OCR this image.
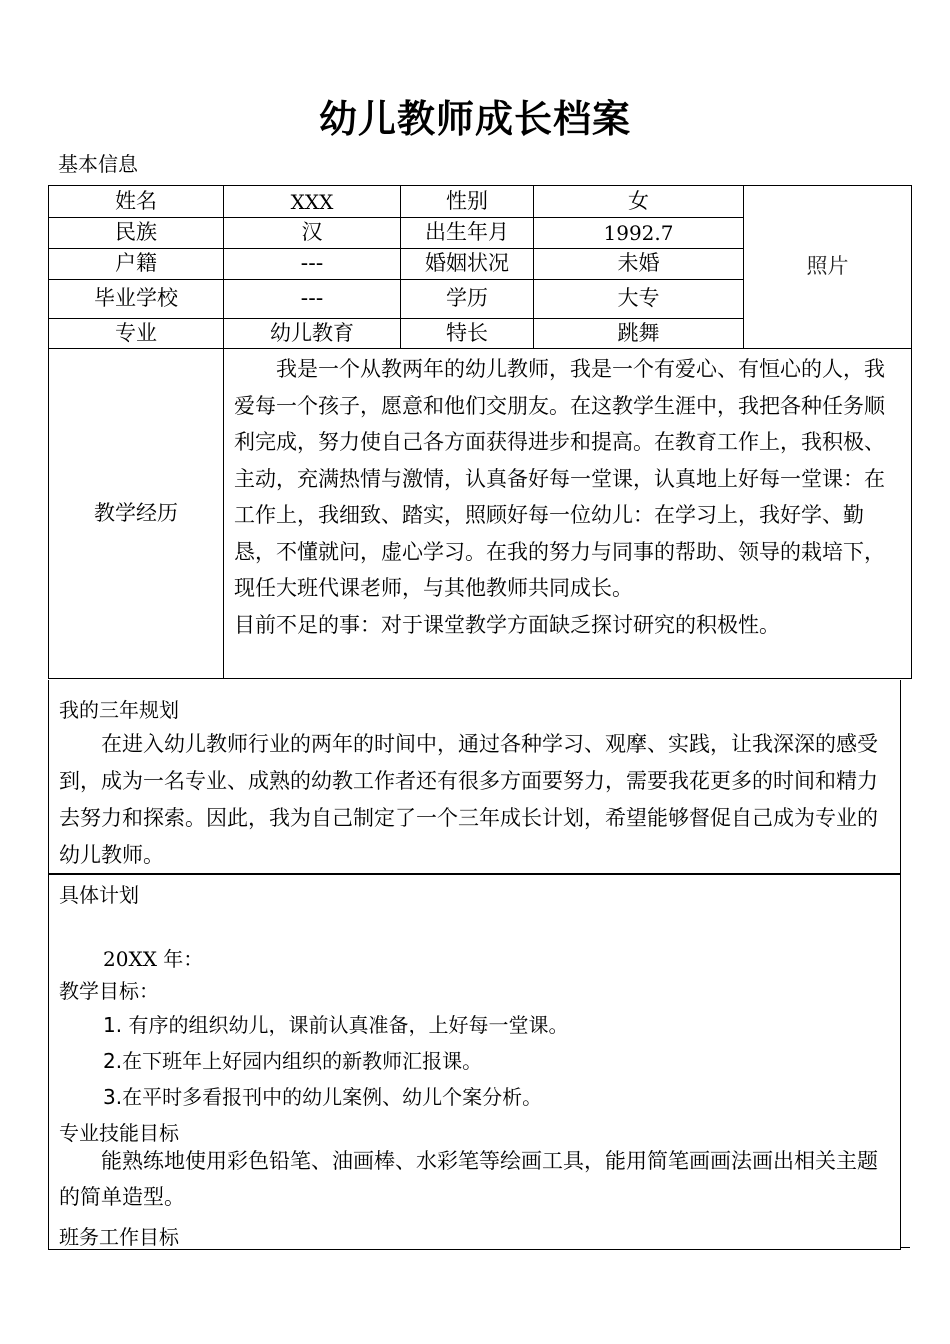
幼儿教师成长档案
基本信息
姓名	XXX	性别	女	照片
民族	汉	出生年月	1992.7	
户籍	---	婚姻状况	未婚	
毕业学校	---	学历	大专	
专业	幼儿教育	特长	跳舞	
教学经历	我是一个从教两年的幼儿教师，我是一个有爱心、有恒心的人，我爱每一个孩子，愿意和他们交朋友。在这教学生涯中，我把各种任务顺利完成，努力使自己各方面获得进步和提高。在教育工作上，我积极、主动，充满热情与激情，认真备好每一堂课，认真地上好每一堂课：在工作上，我细致、踏实，照顾好每一位幼儿：在学习上，我好学、勤恳，不懂就问，虚心学习。在我的努力与同事的帮助、领导的栽培下，现任大班代课老师，与其他教师共同成长。
目前不足的事：对于课堂教学方面缺乏探讨研究的积极性。			
我的三年规划
在进入幼儿教师行业的两年的时间中，通过各种学习、观摩、实践，让我深深的感受到，成为一名专业、成熟的幼教工作者还有很多方面要努力，需要我花更多的时间和精力去努力和探索。因此，我为自己制定了一个三年成长计划，希望能够督促自己成为专业的幼儿教师。
具体计划
20XX 年：
教学目标：
1. 有序的组织幼儿，课前认真准备，上好每一堂课。
2.在下班年上好园内组织的新教师汇报课。
3.在平时多看报刊中的幼儿案例、幼儿个案分析。
专业技能目标
能熟练地使用彩色铅笔、油画棒、水彩笔等绘画工具，能用简笔画画法画出相关主题的简单造型。
班务工作目标
